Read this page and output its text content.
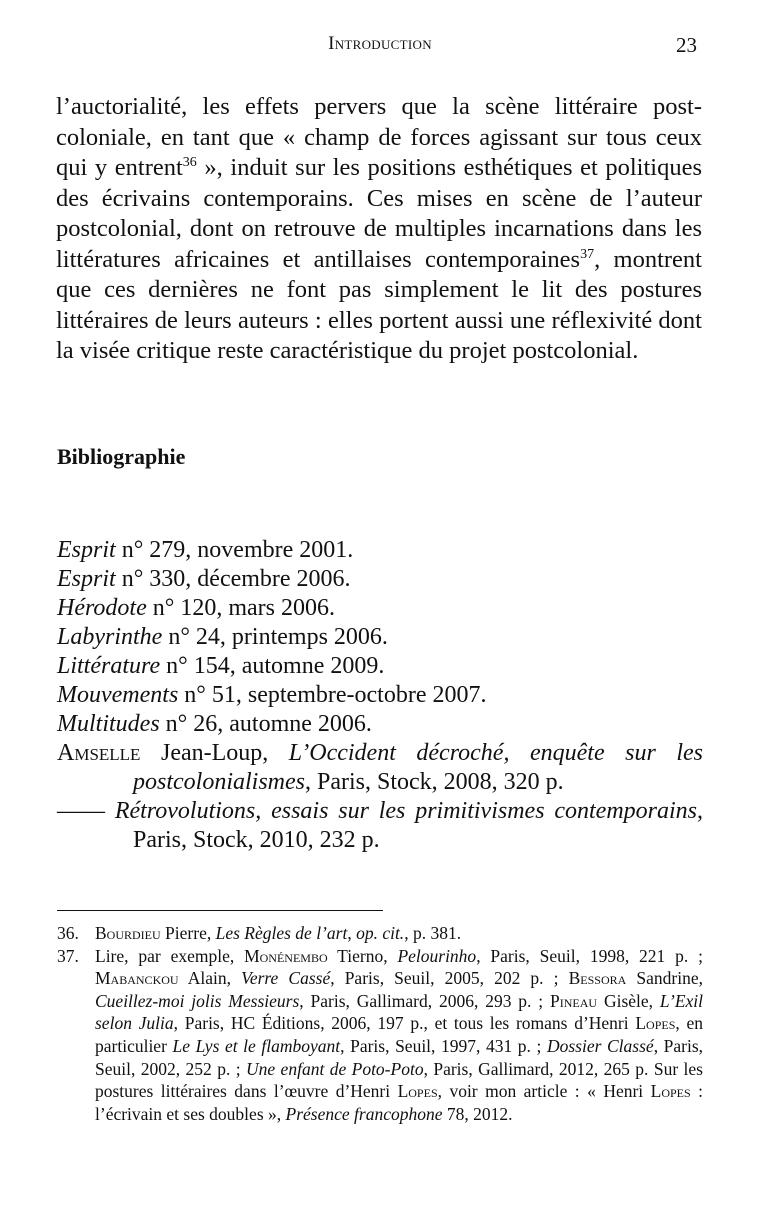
Introduction	23

l’auctorialité, les effets pervers que la scène littéraire postcoloniale, en tant que « champ de forces agissant sur tous ceux qui y entrent$^{36}$ », induit sur les positions esthétiques et politiques des écrivains contemporains. Ces mises en scène de l’auteur postcolonial, dont on retrouve de multiples incarnations dans les littératures africaines et antillaises contemporaines$^{37}$, montrent que ces dernières ne font pas simplement le lit des postures littéraires de leurs auteurs : elles portent aussi une réflexivité dont la visée critique reste caractéristique du projet postcolonial.

Bibliographie

Esprit n° 279, novembre 2001.

Esprit n° 330, décembre 2006.

Hérodote n° 120, mars 2006.

Labyrinthe n° 24, printemps 2006.

Littérature n° 154, automne 2009.

Mouvements n° 51, septembre-octobre 2007.

Multitudes n° 26, automne 2006.

Amselle Jean-Loup, L’Occident décroché, enquête sur les postcolonialismes, Paris, Stock, 2008, 320 p.

—— Rétrovolutions, essais sur les primitivismes contemporains, Paris, Stock, 2010, 232 p.

36. Bourdieu Pierre, Les Règles de l’art, op. cit., p. 381.
37. Lire, par exemple, Monénembo Tierno, Pelourinho, Paris, Seuil, 1998, 221 p. ; Mabanckou Alain, Verre Cassé, Paris, Seuil, 2005, 202 p. ; Bessora Sandrine, Cueillez-moi jolis Messieurs, Paris, Gallimard, 2006, 293 p. ; Pineau Gisèle, L’Exil selon Julia, Paris, HC Éditions, 2006, 197 p., et tous les romans d’Henri Lopes, en particulier Le Lys et le flamboyant, Paris, Seuil, 1997, 431 p. ; Dossier Classé, Paris, Seuil, 2002, 252 p. ; Une enfant de Poto-Poto, Paris, Gallimard, 2012, 265 p. Sur les postures littéraires dans l’œuvre d’Henri Lopes, voir mon article : « Henri Lopes : l’écrivain et ses doubles », Présence francophone 78, 2012.
